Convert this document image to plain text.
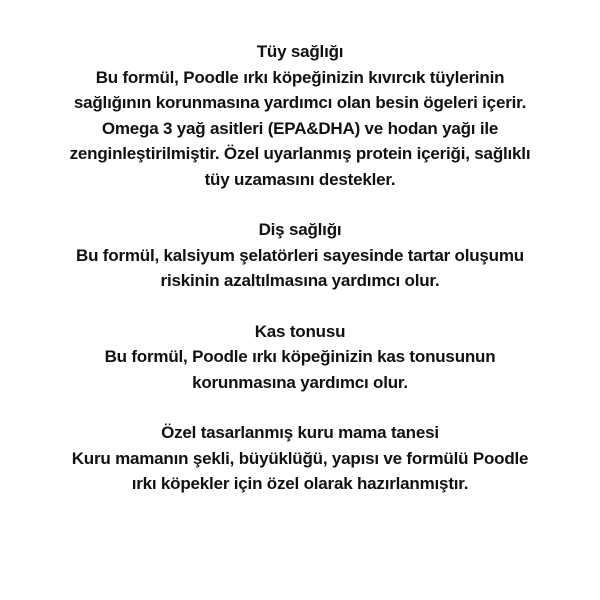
Tüy sağlığı
Bu formül, Poodle ırkı köpeğinizin kıvırcık tüylerinin
sağlığının korunmasına yardımcı olan besin ögeleri içerir.
Omega 3 yağ asitleri (EPA&DHA) ve hodan yağı ile
zenginleştirilmiştir. Özel uyarlanmış protein içeriği, sağlıklı
tüy uzamasını destekler.
Diş sağlığı
Bu formül, kalsiyum şelatörleri sayesinde tartar oluşumu
riskinin azaltılmasına yardımcı olur.
Kas tonusu
Bu formül, Poodle ırkı köpeğinizin kas tonusunun
korunmasına yardımcı olur.
Özel tasarlanmış kuru mama tanesi
Kuru mamanın şekli, büyüklüğü, yapısı ve formülü Poodle
ırkı köpekler için özel olarak hazırlanmıştır.
